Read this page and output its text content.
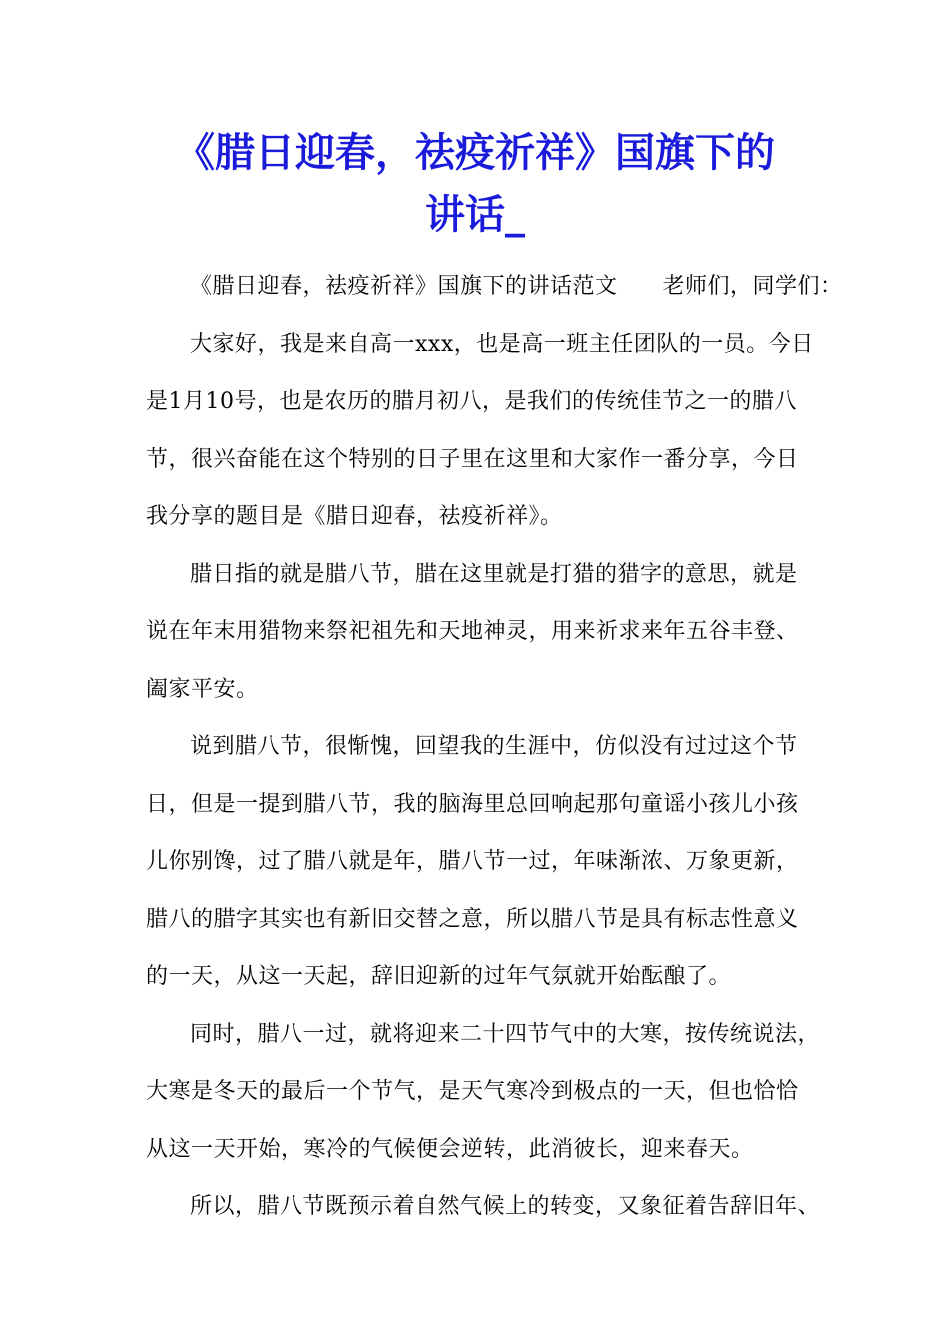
《腊日迎春，祛疫祈祥》国旗下的
讲话_
《腊日迎春，祛疫祈祥》国旗下的讲话范文　　老师们，同学们：
大家好，我是来自高一xxx，也是高一班主任团队的一员。今日
是1月10号，也是农历的腊月初八，是我们的传统佳节之一的腊八
节，很兴奋能在这个特别的日子里在这里和大家作一番分享，今日
我分享的题目是《腊日迎春，祛疫祈祥》。
腊日指的就是腊八节，腊在这里就是打猎的猎字的意思，就是
说在年末用猎物来祭祀祖先和天地神灵，用来祈求来年五谷丰登、
阖家平安。
说到腊八节，很惭愧，回望我的生涯中，仿似没有过过这个节
日，但是一提到腊八节，我的脑海里总回响起那句童谣小孩儿小孩
儿你别馋，过了腊八就是年，腊八节一过，年味渐浓、万象更新，
腊八的腊字其实也有新旧交替之意，所以腊八节是具有标志性意义
的一天，从这一天起，辞旧迎新的过年气氛就开始酝酿了。
同时，腊八一过，就将迎来二十四节气中的大寒，按传统说法，
大寒是冬天的最后一个节气，是天气寒冷到极点的一天，但也恰恰
从这一天开始，寒冷的气候便会逆转，此消彼长，迎来春天。
所以，腊八节既预示着自然气候上的转变，又象征着告辞旧年、
